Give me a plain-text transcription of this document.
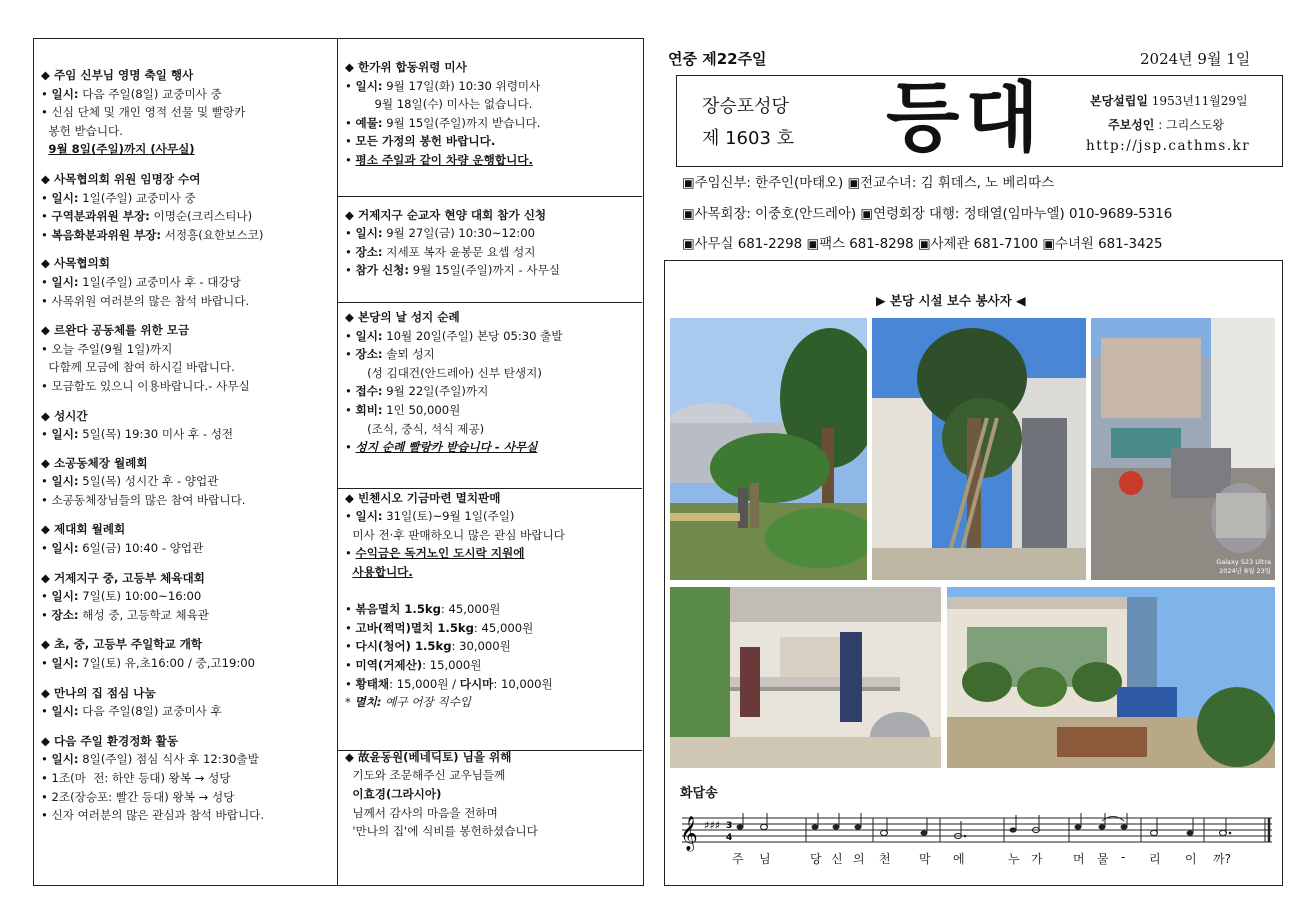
◆ 주임 신부님 영명 축일 행사
• 일시: 다음 주일(8일) 교중미사 중
• 신심 단체 및 개인 영적 선물 및 빨랑카
봉헌 받습니다.
9월 8일(주일)까지 (사무실)
◆ 사목협의회 위원 임명장 수여
• 일시: 1일(주일) 교중미사 중
• 구역분과위원 부장: 이명순(크리스티나)
• 복음화분과위원 부장: 서정흥(요한보스코)
◆ 사목협의회
• 일시: 1일(주일) 교중미사 후 - 대강당
• 사목위원 여러분의 많은 참석 바랍니다.
◆ 르완다 공동체를 위한 모금
• 오늘 주일(9월 1일)까지
다함께 모금에 참여 하시길 바랍니다.
• 모금함도 있으니 이용바랍니다.- 사무실
◆ 성시간
• 일시: 5일(목) 19:30 미사 후 - 성전
◆ 소공동체장 월례회
• 일시: 5일(목) 성시간 후 - 양업관
• 소공동체장님들의 많은 참여 바랍니다.
◆ 제대회 월례회
• 일시: 6일(금) 10:40 - 양업관
◆ 거제지구 중, 고등부 체육대회
• 일시: 7일(토) 10:00~16:00
• 장소: 해성 중, 고등학교 체육관
◆ 초, 중, 고등부 주일학교 개학
• 일시: 7일(토) 유,초16:00 / 중,고19:00
◆ 만나의 집 점심 나눔
• 일시: 다음 주일(8일) 교중미사 후
◆ 다음 주일 환경정화 활동
• 일시: 8일(주일) 점심 식사 후 12:30출발
• 1조(마  전: 하얀 등대) 왕복 → 성당
• 2조(장승포: 빨간 등대) 왕복 → 성당
• 신자 여러분의 많은 관심과 참석 바랍니다.
◆ 한가위 합동위령 미사
• 일시: 9월 17일(화) 10:30 위령미사
9월 18일(수) 미사는 없습니다.
• 예물: 9월 15일(주일)까지 받습니다.
• 모든 가정의 봉헌 바랍니다.
• 평소 주일과 같이 차량 운행합니다.
◆ 거제지구 순교자 현양 대회 참가 신청
• 일시: 9월 27일(금) 10:30~12:00
• 장소: 지세포 복자 윤봉문 요셉 성지
• 참가 신청: 9월 15일(주일)까지 - 사무실
◆ 본당의 날 성지 순례
• 일시: 10월 20일(주일) 본당 05:30 출발
• 장소: 솔뫼 성지
(성 김대건(안드레아) 신부 탄생지)
• 접수: 9월 22일(주일)까지
• 회비: 1인 50,000원
(조식, 중식, 석식 제공)
• 성지 순례 빨랑카 받습니다 - 사무실
◆ 빈첸시오 기금마련 멸치판매
• 일시: 31일(토)~9월 1일(주일)
미사 전·후 판매하오니 많은 관심 바랍니다
• 수익금은 독거노인 도시락 지원에
사용합니다.

• 볶음멸치 1.5kg: 45,000원
• 고바(쩍먹)멸치 1.5kg: 45,000원
• 다시(청어) 1.5kg: 30,000원
• 미역(거제산): 15,000원
• 황태채: 15,000원 / 다시마: 10,000원
* 멸치: 예구 어장 직수입
◆ 故윤동원(베네딕토) 님을 위해
기도와 조문해주신 교우님들께
이효경(그라시아)
님께서 감사의 마음을 전하며
'만나의 집'에 식비를 봉헌하셨습니다
연중 제22주일	2024년 9월 1일
장승포성당
제 1603 호 등대	본당설립일 1953년11월29일
주보성인 : 그리스도왕
http://jsp.cathms.kr
▣주임신부: 한주인(마태오) ▣전교수녀: 김 휘데스, 노 베리따스
▣사목회장: 이중호(안드레아) ▣연령회장 대행: 정태열(임마누엘) 010-9689-5316
▣사무실 681-2298 ▣팩스 681-8298 ▣사제관 681-7100 ▣수녀원 681-3425
▶ 본당 시설 보수 봉사자 ◀
Galaxy S23 Ultra
2024년 8월 23일
화답송
𝄞 ♯♯♯ 3
4
주 님	당 신 의 천 막 에	누 가	머 물 - 리 이 까?
